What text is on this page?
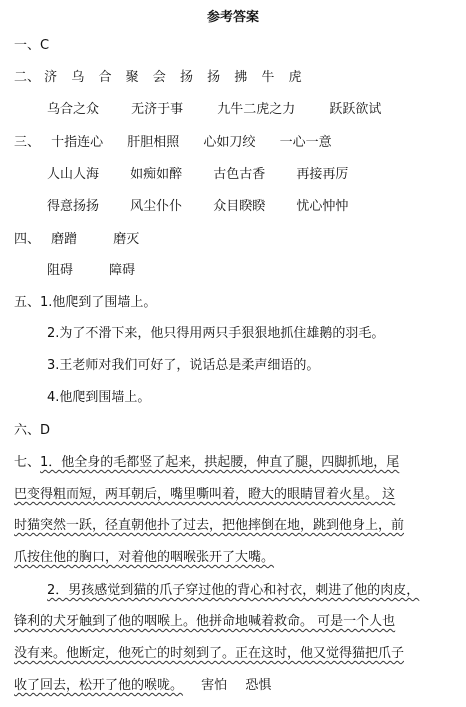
参考答案
一、C
二、 济 乌 合 聚 会 扬 扬 拂 牛 虎
乌合之众 无济于事	九牛二虎之力	跃跃欲试
三、 十指连心 肝胆相照 心如刀绞 一心一意
人山人海 如痴如醉 古色古香 再接再厉
得意扬扬 风尘仆仆 众目睽睽 忧心忡忡
四、 磨蹭	磨灭
阻碍	障碍
五、1.他爬到了围墙上。
2.为了不滑下来，他只得用两只手狠狠地抓住雄鹅的羽毛。
3.王老师对我们可好了，说话总是柔声细语的。
4.他爬到围墙上。
六、D
七、1．他全身的毛都竖了起来，拱起腰，伸直了腿，四脚抓地，尾
巴变得粗而短，两耳朝后，嘴里嘶叫着，瞪大的眼睛冒着火星。 这
时猫突然一跃，径直朝他扑了过去，把他摔倒在地，跳到他身上，前
爪按住他的胸口，对着他的咽喉张开了大嘴。
2．男孩感觉到猫的爪子穿过他的背心和衬衣，刺进了他的肉皮，
锋利的犬牙触到了他的咽喉上。他拼命地喊着救命。 可是一个人也
没有来。他断定，他死亡的时刻到了。正在这时，他又觉得猫把爪子
收了回去，松开了他的喉咙。 害怕 恐惧
